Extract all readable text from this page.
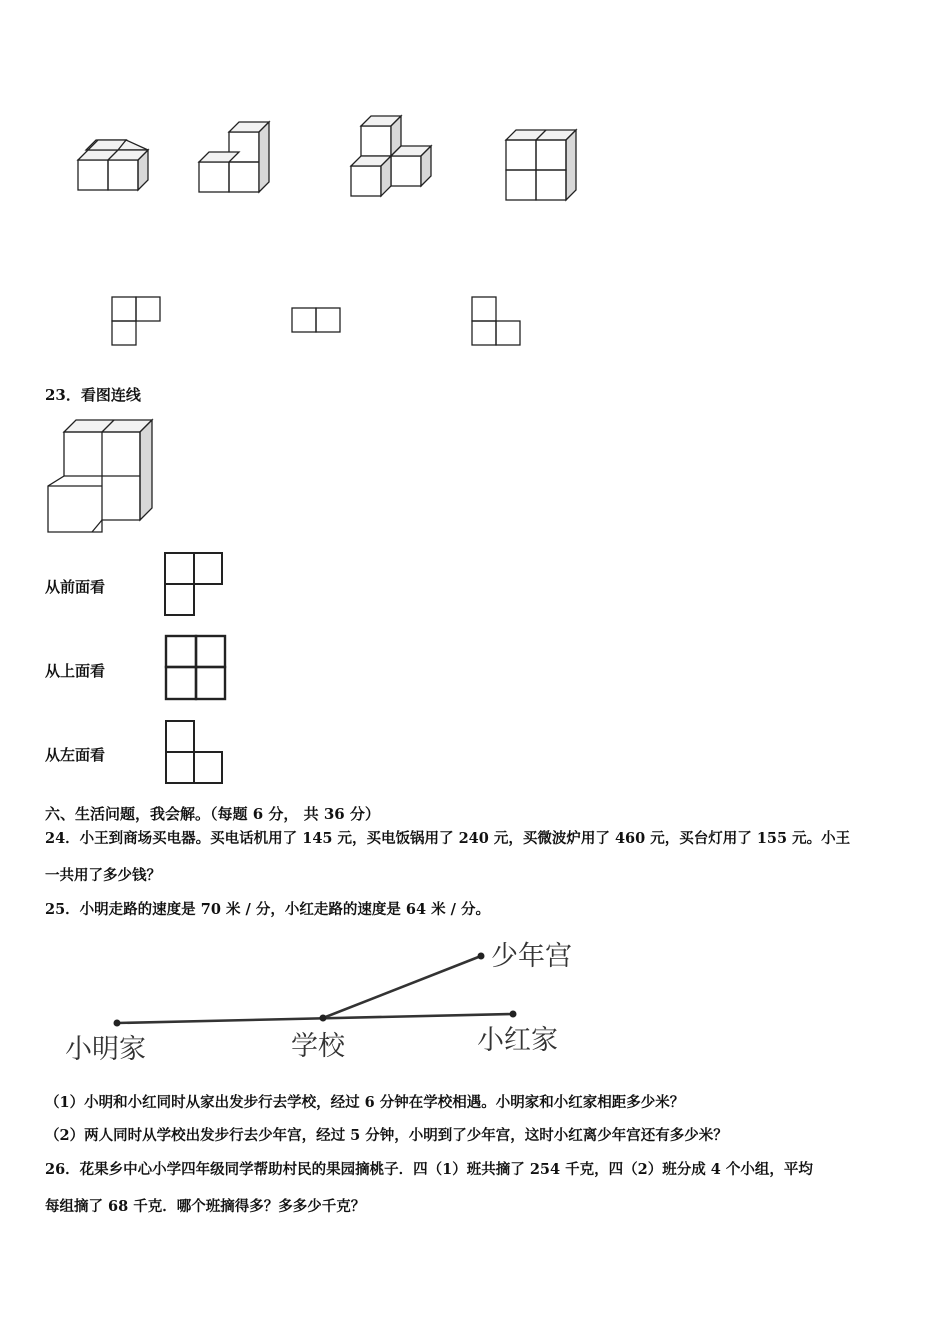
23．看图连线
从前面看
从上面看
从左面看
六、生活问题，我会解。（每题 6 分， 共 36 分）
24．小王到商场买电器。买电话机用了 145 元，买电饭锅用了 240 元，买微波炉用了 460 元，买台灯用了 155 元。小王
一共用了多少钱？
25．小明走路的速度是 70 米 / 分，小红走路的速度是 64 米 / 分。
小明家	学校	小红家
少年宫
（1）小明和小红同时从家出发步行去学校，经过 6 分钟在学校相遇。小明家和小红家相距多少米？
（2）两人同时从学校出发步行去少年宫，经过 5 分钟，小明到了少年宫，这时小红离少年宫还有多少米？
26．花果乡中心小学四年级同学帮助村民的果园摘桃子．四（1）班共摘了 254 千克，四（2）班分成 4 个小组，平均
每组摘了 68 千克．哪个班摘得多？多多少千克？
